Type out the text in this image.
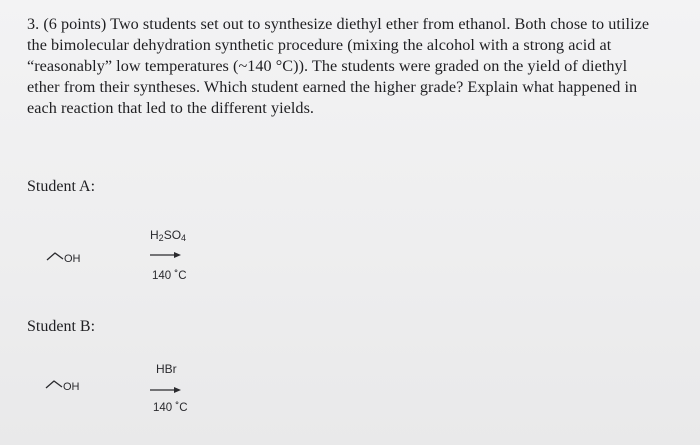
3. (6 points) Two students set out to synthesize diethyl ether from ethanol. Both chose to utilize
the bimolecular dehydration synthetic procedure (mixing the alcohol with a strong acid at
“reasonably” low temperatures (~140 °C)). The students were graded on the yield of diethyl
ether from their syntheses. Which student earned the higher grade? Explain what happened in
each reaction that led to the different yields.
Student A:
OH
$H_2SO_4$
140 ˚C
Student B:
OH
HBr
140 ˚C
